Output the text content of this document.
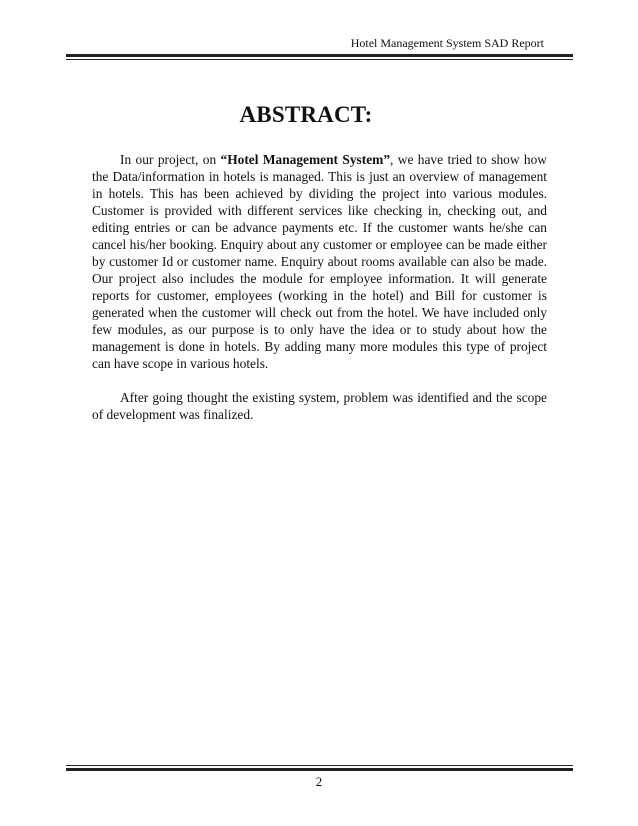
Hotel Management System SAD Report
ABSTRACT:

In our project, on “Hotel Management System”, we have tried to show how the Data/information in hotels is managed. This is just an overview of management in hotels. This has been achieved by dividing the project into various modules. Customer is provided with different services like checking in, checking out, and editing entries or can be advance payments etc. If the customer wants he/she can cancel his/her booking. Enquiry about any customer or employee can be made either by customer Id or customer name. Enquiry about rooms available can also be made. Our project also includes the module for employee information. It will generate reports for customer, employees (working in the hotel) and Bill for customer is generated when the customer will check out from the hotel. We have included only few modules, as our purpose is to only have the idea or to study about how the management is done in hotels. By adding many more modules this type of project can have scope in various hotels.

After going thought the existing system, problem was identified and the scope of development was finalized.

2
